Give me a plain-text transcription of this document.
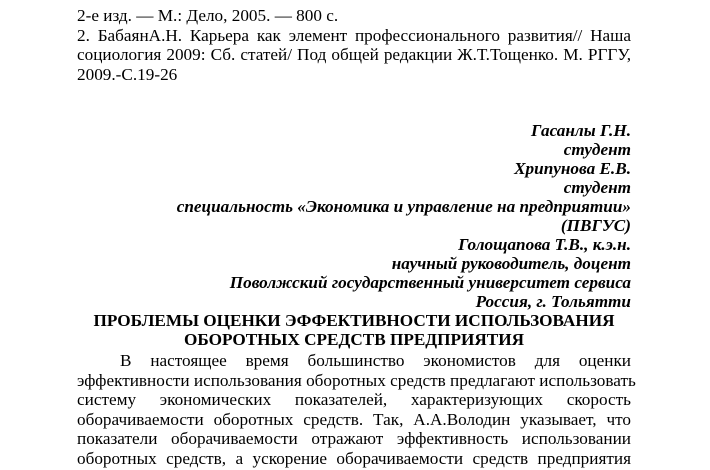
2-е изд. — М.: Дело, 2005. — 800 с.
2. БабаянА.Н. Карьера как элемент профессионального развития// Наша
социология 2009: Сб. статей/ Под общей редакции Ж.Т.Тощенко. М. РГГУ,
2009.-С.19-26
Гасанлы Г.Н.
студент
Хрипунова Е.В.
студент
специальность «Экономика и управление на предприятии»
(ПВГУС)
Голощапова Т.В., к.э.н.
научный руководитель, доцент
Поволжский государственный университет сервиса
Россия, г. Тольятти
ПРОБЛЕМЫ ОЦЕНКИ ЭФФЕКТИВНОСТИ ИСПОЛЬЗОВАНИЯ
ОБОРОТНЫХ СРЕДСТВ ПРЕДПРИЯТИЯ
В настоящее время большинство экономистов для оценки
эффективности использования оборотных средств предлагают использовать
систему экономических показателей, характеризующих скорость
оборачиваемости оборотных средств. Так, А.А.Володин указывает, что
показатели оборачиваемости отражают эффективность использовании
оборотных средств, а ускорение оборачиваемости средств предприятия
